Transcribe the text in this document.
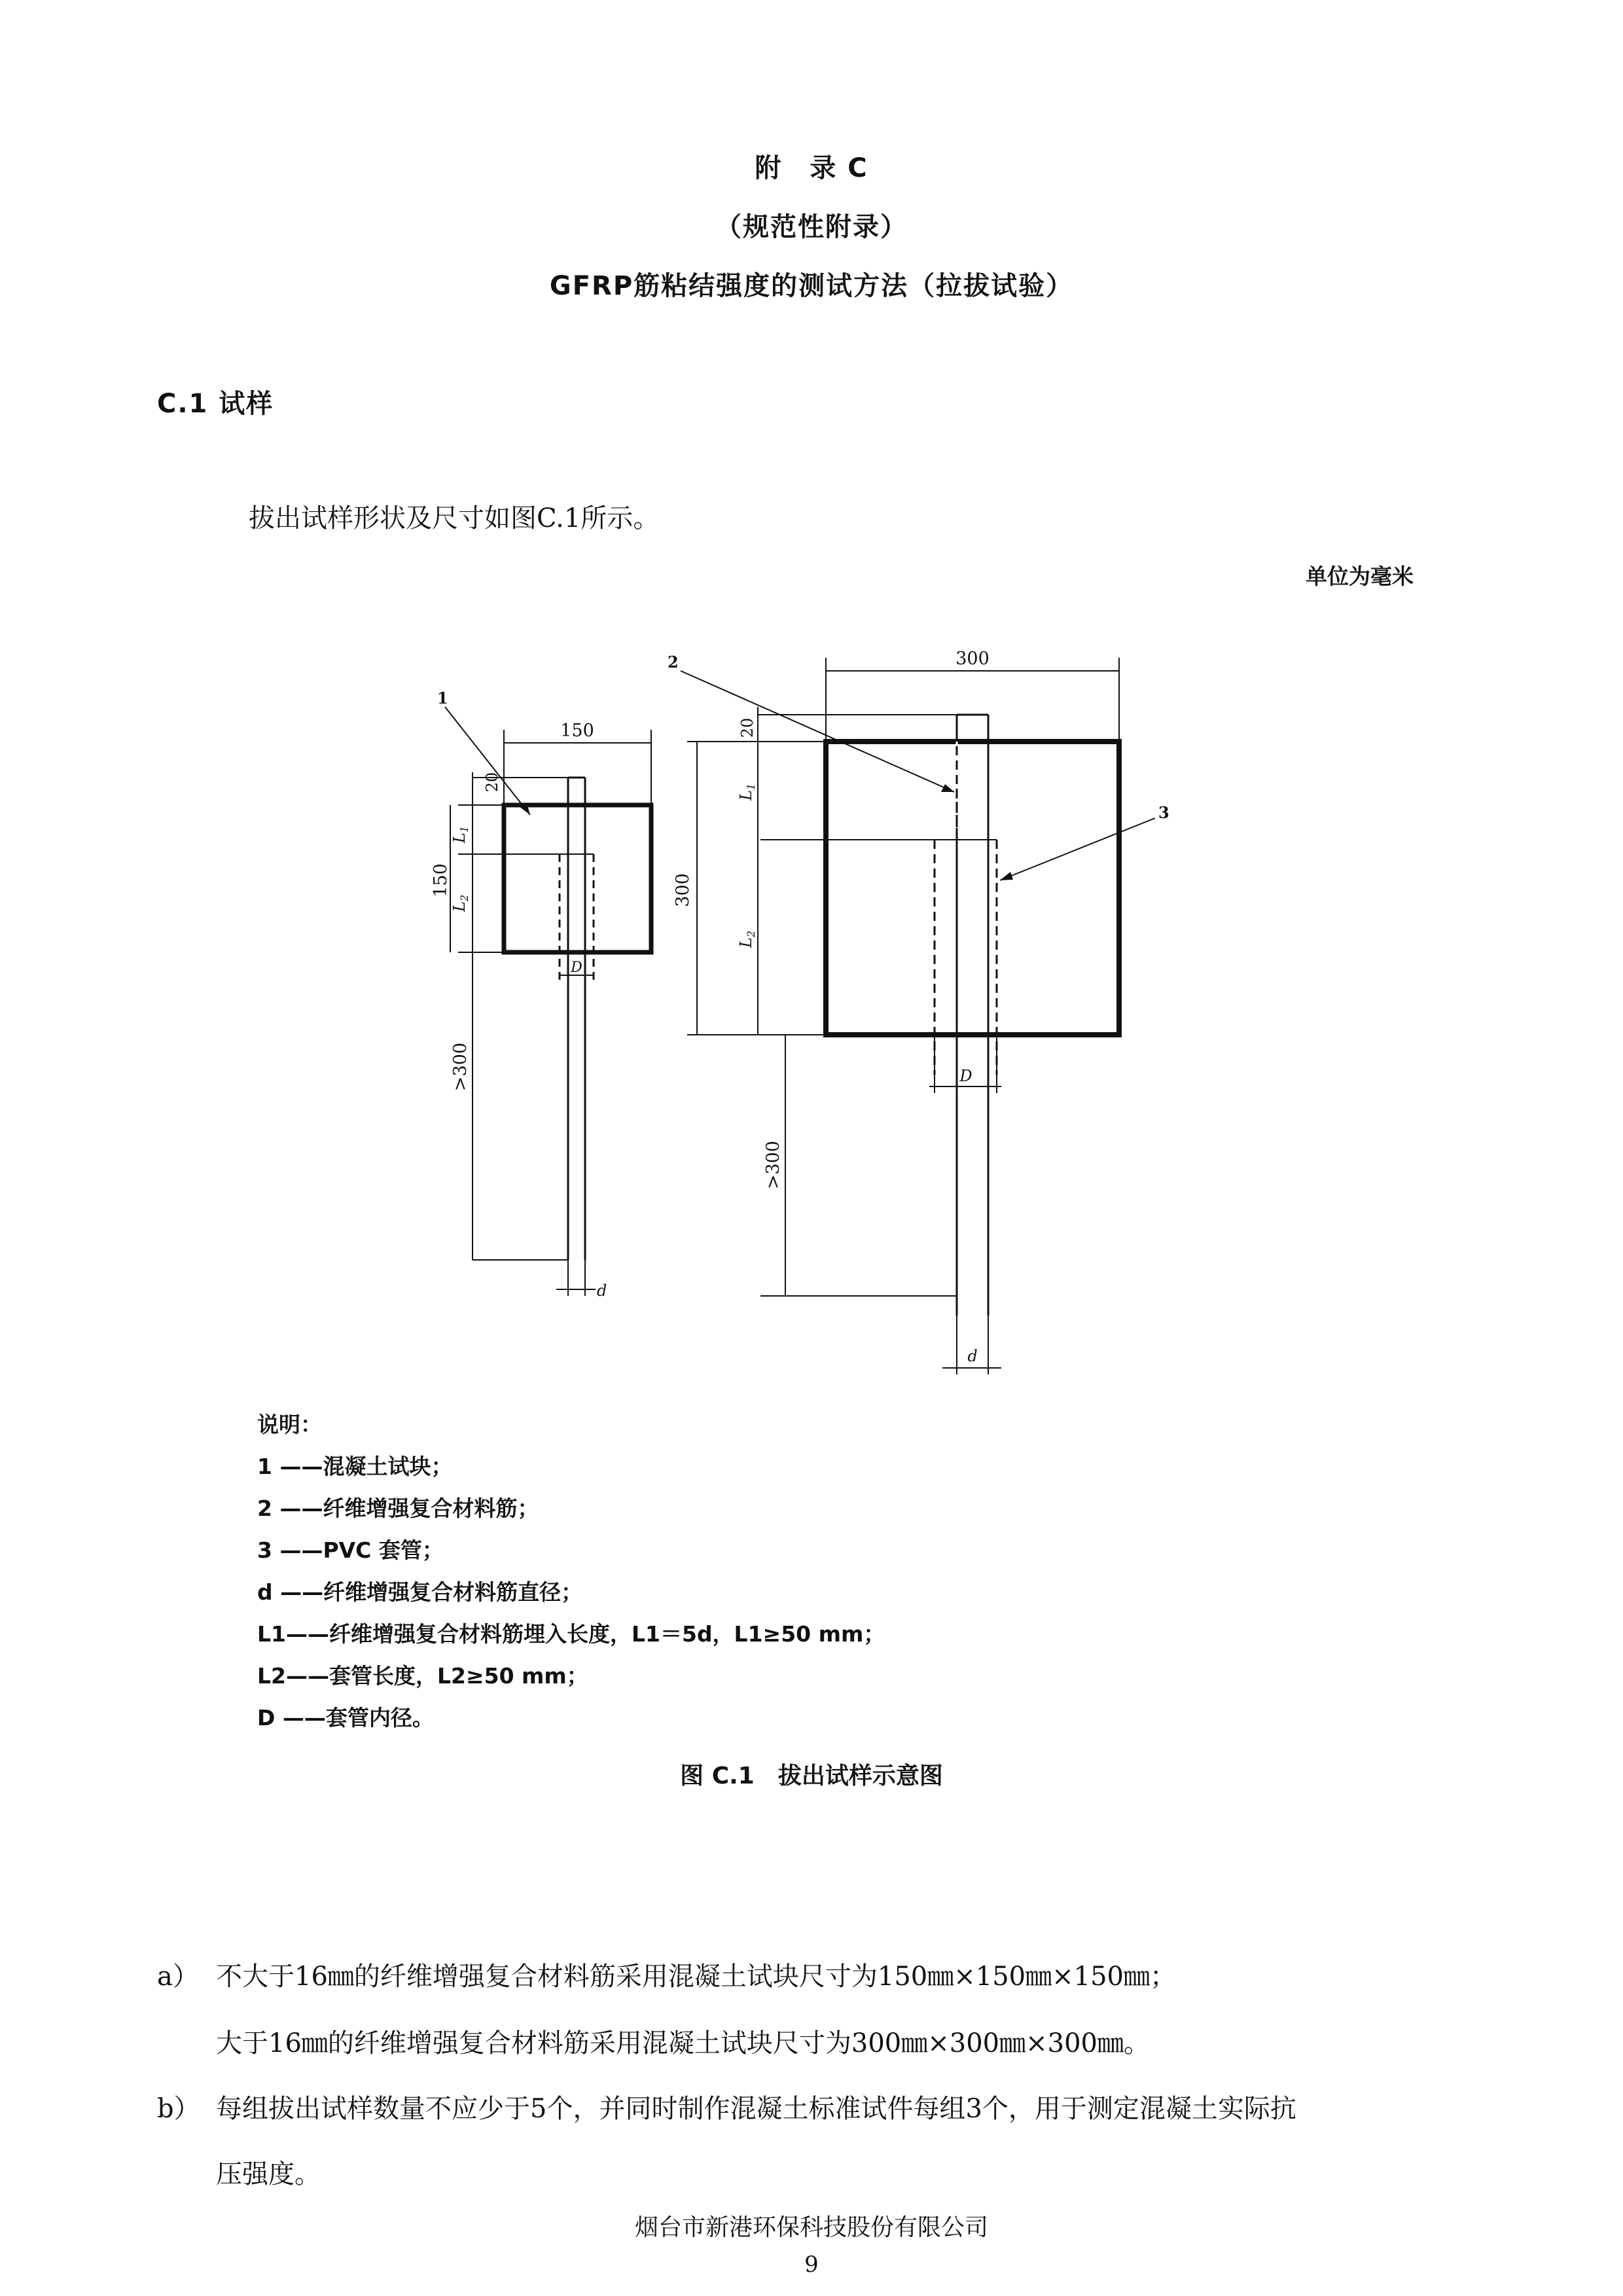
附　录 C
（规范性附录）
GFRP筋粘结强度的测试方法（拉拔试验）
C.1 试样
拔出试样形状及尺寸如图C.1所示。
单位为毫米
150
20
150
$L_1$
$L_2$
>300
D
d
300
20
300
$L_1$
$L_2$
>300
D
d
1
2
3
说明：
1 ——混凝土试块；
2 ——纤维增强复合材料筋；
3 ——PVC 套管；
d ——纤维增强复合材料筋直径；
L1——纤维增强复合材料筋埋入长度，L1＝5d，L1≥50 mm；
L2——套管长度，L2≥50 mm；
D ——套管内径。
图 C.1　拔出试样示意图
a） 不大于16㎜的纤维增强复合材料筋采用混凝土试块尺寸为150㎜×150㎜×150㎜；
大于16㎜的纤维增强复合材料筋采用混凝土试块尺寸为300㎜×300㎜×300㎜。
b） 每组拔出试样数量不应少于5个，并同时制作混凝土标准试件每组3个，用于测定混凝土实际抗
压强度。
烟台市新港环保科技股份有限公司
9
